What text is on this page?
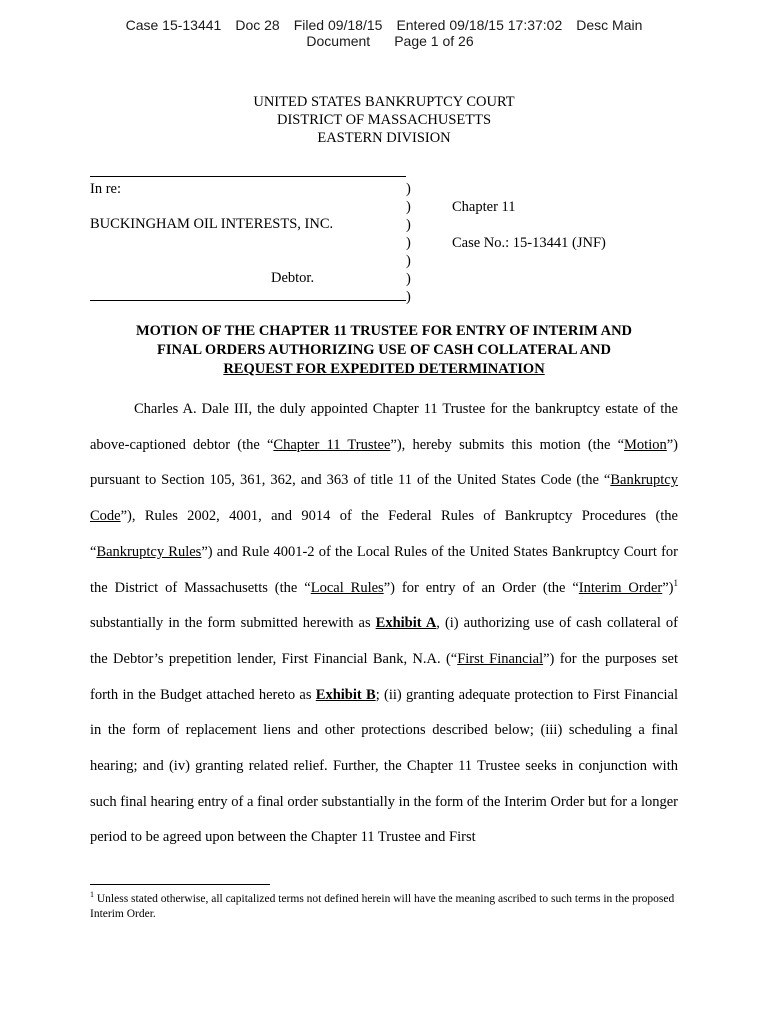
Case 15-13441 Doc 28 Filed 09/18/15 Entered 09/18/15 17:37:02 Desc Main
Document Page 1 of 26
UNITED STATES BANKRUPTCY COURT
DISTRICT OF MASSACHUSETTS
EASTERN DIVISION
In re:
BUCKINGHAM OIL INTERESTS, INC.
Debtor.
)
)
)
)
)
)
)
Chapter 11
Case No.: 15-13441 (JNF)
MOTION OF THE CHAPTER 11 TRUSTEE FOR ENTRY OF INTERIM AND
FINAL ORDERS AUTHORIZING USE OF CASH COLLATERAL AND
REQUEST FOR EXPEDITED DETERMINATION
Charles A. Dale III, the duly appointed Chapter 11 Trustee for the bankruptcy estate of the above-captioned debtor (the “Chapter 11 Trustee”), hereby submits this motion (the “Motion”) pursuant to Section 105, 361, 362, and 363 of title 11 of the United States Code (the “Bankruptcy Code”), Rules 2002, 4001, and 9014 of the Federal Rules of Bankruptcy Procedures (the “Bankruptcy Rules”) and Rule 4001-2 of the Local Rules of the United States Bankruptcy Court for the District of Massachusetts (the “Local Rules”) for entry of an Order (the “Interim Order”)$^1$ substantially in the form submitted herewith as Exhibit A, (i) authorizing use of cash collateral of the Debtor’s prepetition lender, First Financial Bank, N.A. (“First Financial”) for the purposes set forth in the Budget attached hereto as Exhibit B; (ii) granting adequate protection to First Financial in the form of replacement liens and other protections described below; (iii) scheduling a final hearing; and (iv) granting related relief. Further, the Chapter 11 Trustee seeks in conjunction with such final hearing entry of a final order substantially in the form of the Interim Order but for a longer period to be agreed upon between the Chapter 11 Trustee and First
$^1$ Unless stated otherwise, all capitalized terms not defined herein will have the meaning ascribed to such terms in the proposed Interim Order.
